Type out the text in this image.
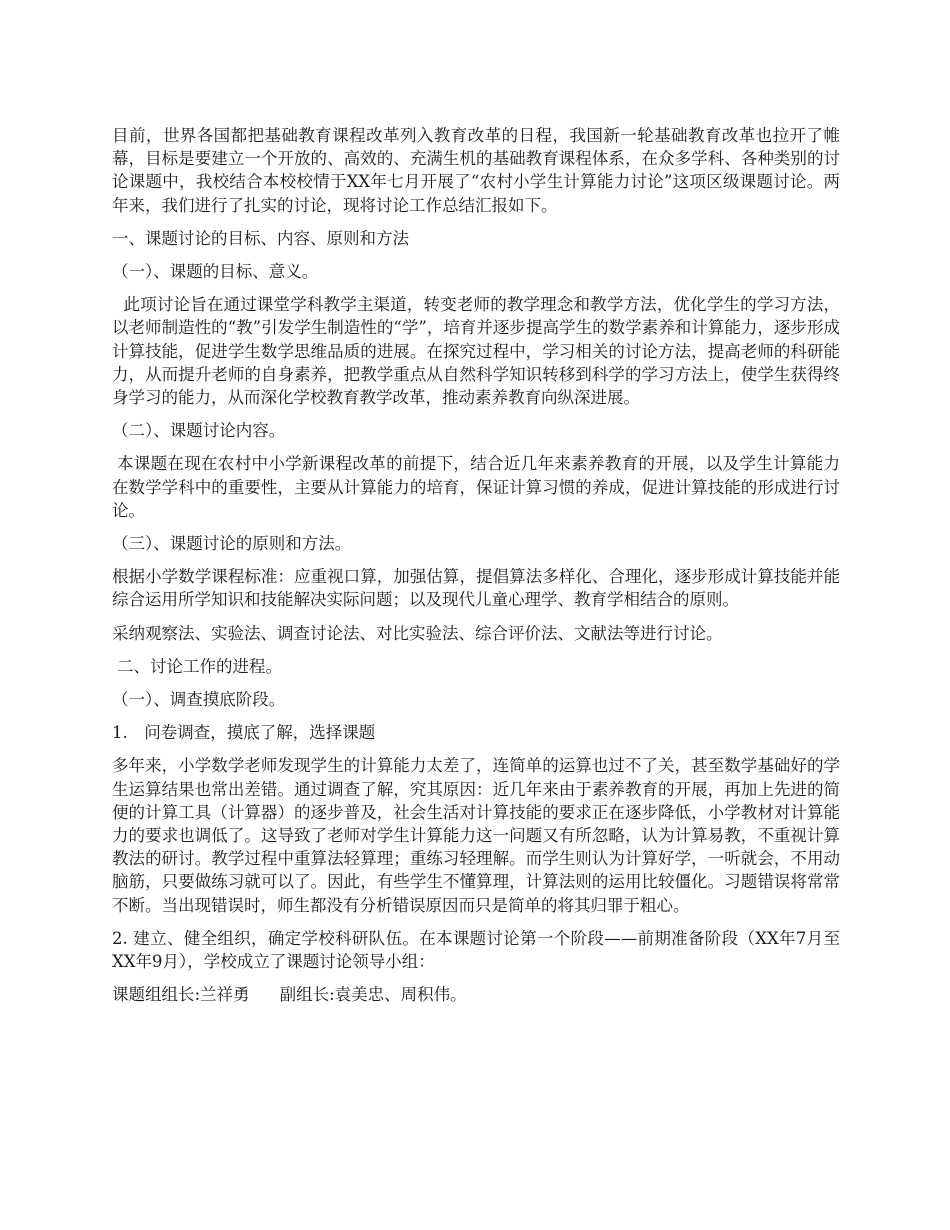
目前，世界各国都把基础教育课程改革列入教育改革的日程，我国新一轮基础教育改革也拉开了帷幕，目标是要建立一个开放的、高效的、充满生机的基础教育课程体系，在众多学科、各种类别的讨论课题中，我校结合本校校情于XX年七月开展了“农村小学生计算能力讨论”这项区级课题讨论。两年来，我们进行了扎实的讨论，现将讨论工作总结汇报如下。

一、课题讨论的目标、内容、原则和方法

（一）、课题的目标、意义。

此项讨论旨在通过课堂学科教学主渠道，转变老师的教学理念和教学方法，优化学生的学习方法，以老师制造性的“教”引发学生制造性的“学”，培育并逐步提高学生的数学素养和计算能力，逐步形成计算技能，促进学生数学思维品质的进展。在探究过程中，学习相关的讨论方法，提高老师的科研能力，从而提升老师的自身素养，把教学重点从自然科学知识转移到科学的学习方法上，使学生获得终身学习的能力，从而深化学校教育教学改革，推动素养教育向纵深进展。

（二）、课题讨论内容。

本课题在现在农村中小学新课程改革的前提下，结合近几年来素养教育的开展，以及学生计算能力在数学学科中的重要性，主要从计算能力的培育，保证计算习惯的养成，促进计算技能的形成进行讨论。

（三）、课题讨论的原则和方法。

根据小学数学课程标准：应重视口算，加强估算，提倡算法多样化、合理化，逐步形成计算技能并能综合运用所学知识和技能解决实际问题；以及现代儿童心理学、教育学相结合的原则。

采纳观察法、实验法、调查讨论法、对比实验法、综合评价法、文献法等进行讨论。

二、讨论工作的进程。

（一）、调查摸底阶段。

1.　问卷调查，摸底了解，选择课题

多年来，小学数学老师发现学生的计算能力太差了，连简单的运算也过不了关，甚至数学基础好的学生运算结果也常出差错。通过调查了解，究其原因：近几年来由于素养教育的开展，再加上先进的简便的计算工具（计算器）的逐步普及，社会生活对计算技能的要求正在逐步降低，小学教材对计算能力的要求也调低了。这导致了老师对学生计算能力这一问题又有所忽略，认为计算易教，不重视计算教法的研讨。教学过程中重算法轻算理；重练习轻理解。而学生则认为计算好学，一听就会，不用动脑筋，只要做练习就可以了。因此，有些学生不懂算理，计算法则的运用比较僵化。习题错误将常常不断。当出现错误时，师生都没有分析错误原因而只是简单的将其归罪于粗心。

2. 建立、健全组织，确定学校科研队伍。在本课题讨论第一个阶段——前期准备阶段（XX年7月至XX年9月），学校成立了课题讨论领导小组：

课题组组长:兰祥勇 副组长:袁美忠、周积伟。
